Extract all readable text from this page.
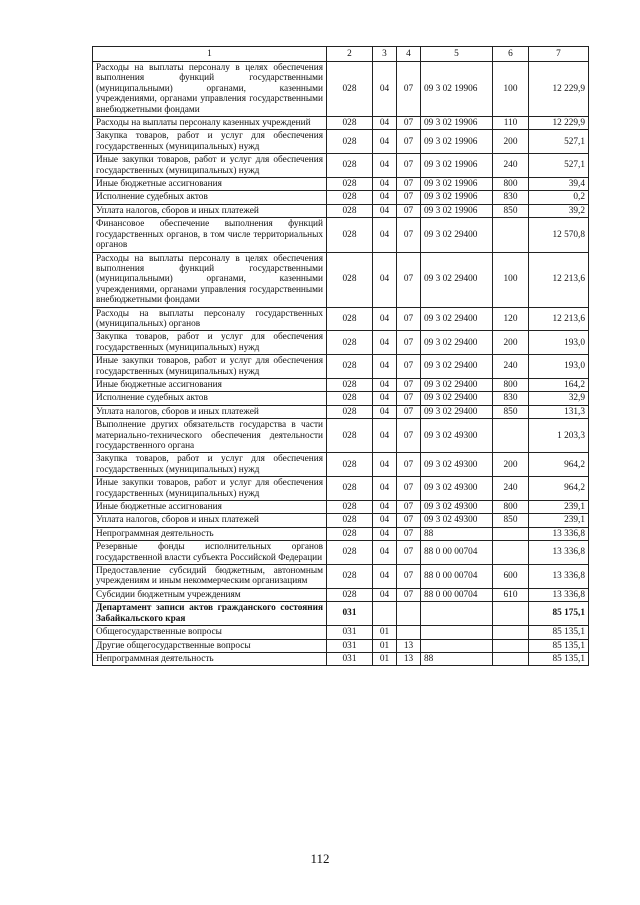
1	2	3	4	5	6	7
Расходы на выплаты персоналу в целях обеспечения выполнения функций государственными (муниципальными) органами, казенными учреждениями, органами управления государственными внебюджетными фондами	028	04	07	09 3 02 19906	100	12 229,9
Расходы на выплаты персоналу казенных учреждений	028	04	07	09 3 02 19906	110	12 229,9
Закупка товаров, работ и услуг для обеспечения государственных (муниципальных) нужд	028	04	07	09 3 02 19906	200	527,1
Иные закупки товаров, работ и услуг для обеспечения государственных (муниципальных) нужд	028	04	07	09 3 02 19906	240	527,1
Иные бюджетные ассигнования	028	04	07	09 3 02 19906	800	39,4
Исполнение судебных актов	028	04	07	09 3 02 19906	830	0,2
Уплата налогов, сборов и иных платежей	028	04	07	09 3 02 19906	850	39,2
Финансовое обеспечение выполнения функций государственных органов, в том числе территориальных органов	028	04	07	09 3 02 29400		12 570,8
Расходы на выплаты персоналу в целях обеспечения выполнения функций государственными (муниципальными) органами, казенными учреждениями, органами управления государственными внебюджетными фондами	028	04	07	09 3 02 29400	100	12 213,6
Расходы на выплаты персоналу государственных (муниципальных) органов	028	04	07	09 3 02 29400	120	12 213,6
Закупка товаров, работ и услуг для обеспечения государственных (муниципальных) нужд	028	04	07	09 3 02 29400	200	193,0
Иные закупки товаров, работ и услуг для обеспечения государственных (муниципальных) нужд	028	04	07	09 3 02 29400	240	193,0
Иные бюджетные ассигнования	028	04	07	09 3 02 29400	800	164,2
Исполнение судебных актов	028	04	07	09 3 02 29400	830	32,9
Уплата налогов, сборов и иных платежей	028	04	07	09 3 02 29400	850	131,3
Выполнение других обязательств государства в части материально-технического обеспечения деятельности государственного органа	028	04	07	09 3 02 49300		1 203,3
Закупка товаров, работ и услуг для обеспечения государственных (муниципальных) нужд	028	04	07	09 3 02 49300	200	964,2
Иные закупки товаров, работ и услуг для обеспечения государственных (муниципальных) нужд	028	04	07	09 3 02 49300	240	964,2
Иные бюджетные ассигнования	028	04	07	09 3 02 49300	800	239,1
Уплата налогов, сборов и иных платежей	028	04	07	09 3 02 49300	850	239,1
Непрограммная деятельность	028	04	07	88		13 336,8
Резервные фонды исполнительных органов государственной власти субъекта Российской Федерации	028	04	07	88 0 00 00704		13 336,8
Предоставление субсидий бюджетным, автономным учреждениям и иным некоммерческим организациям	028	04	07	88 0 00 00704	600	13 336,8
Субсидии бюджетным учреждениям	028	04	07	88 0 00 00704	610	13 336,8
Департамент записи актов гражданского состояния Забайкальского края	031					85 175,1
Общегосударственные вопросы	031	01				85 135,1
Другие общегосударственные вопросы	031	01	13			85 135,1
Непрограммная деятельность	031	01	13	88		85 135,1
112
